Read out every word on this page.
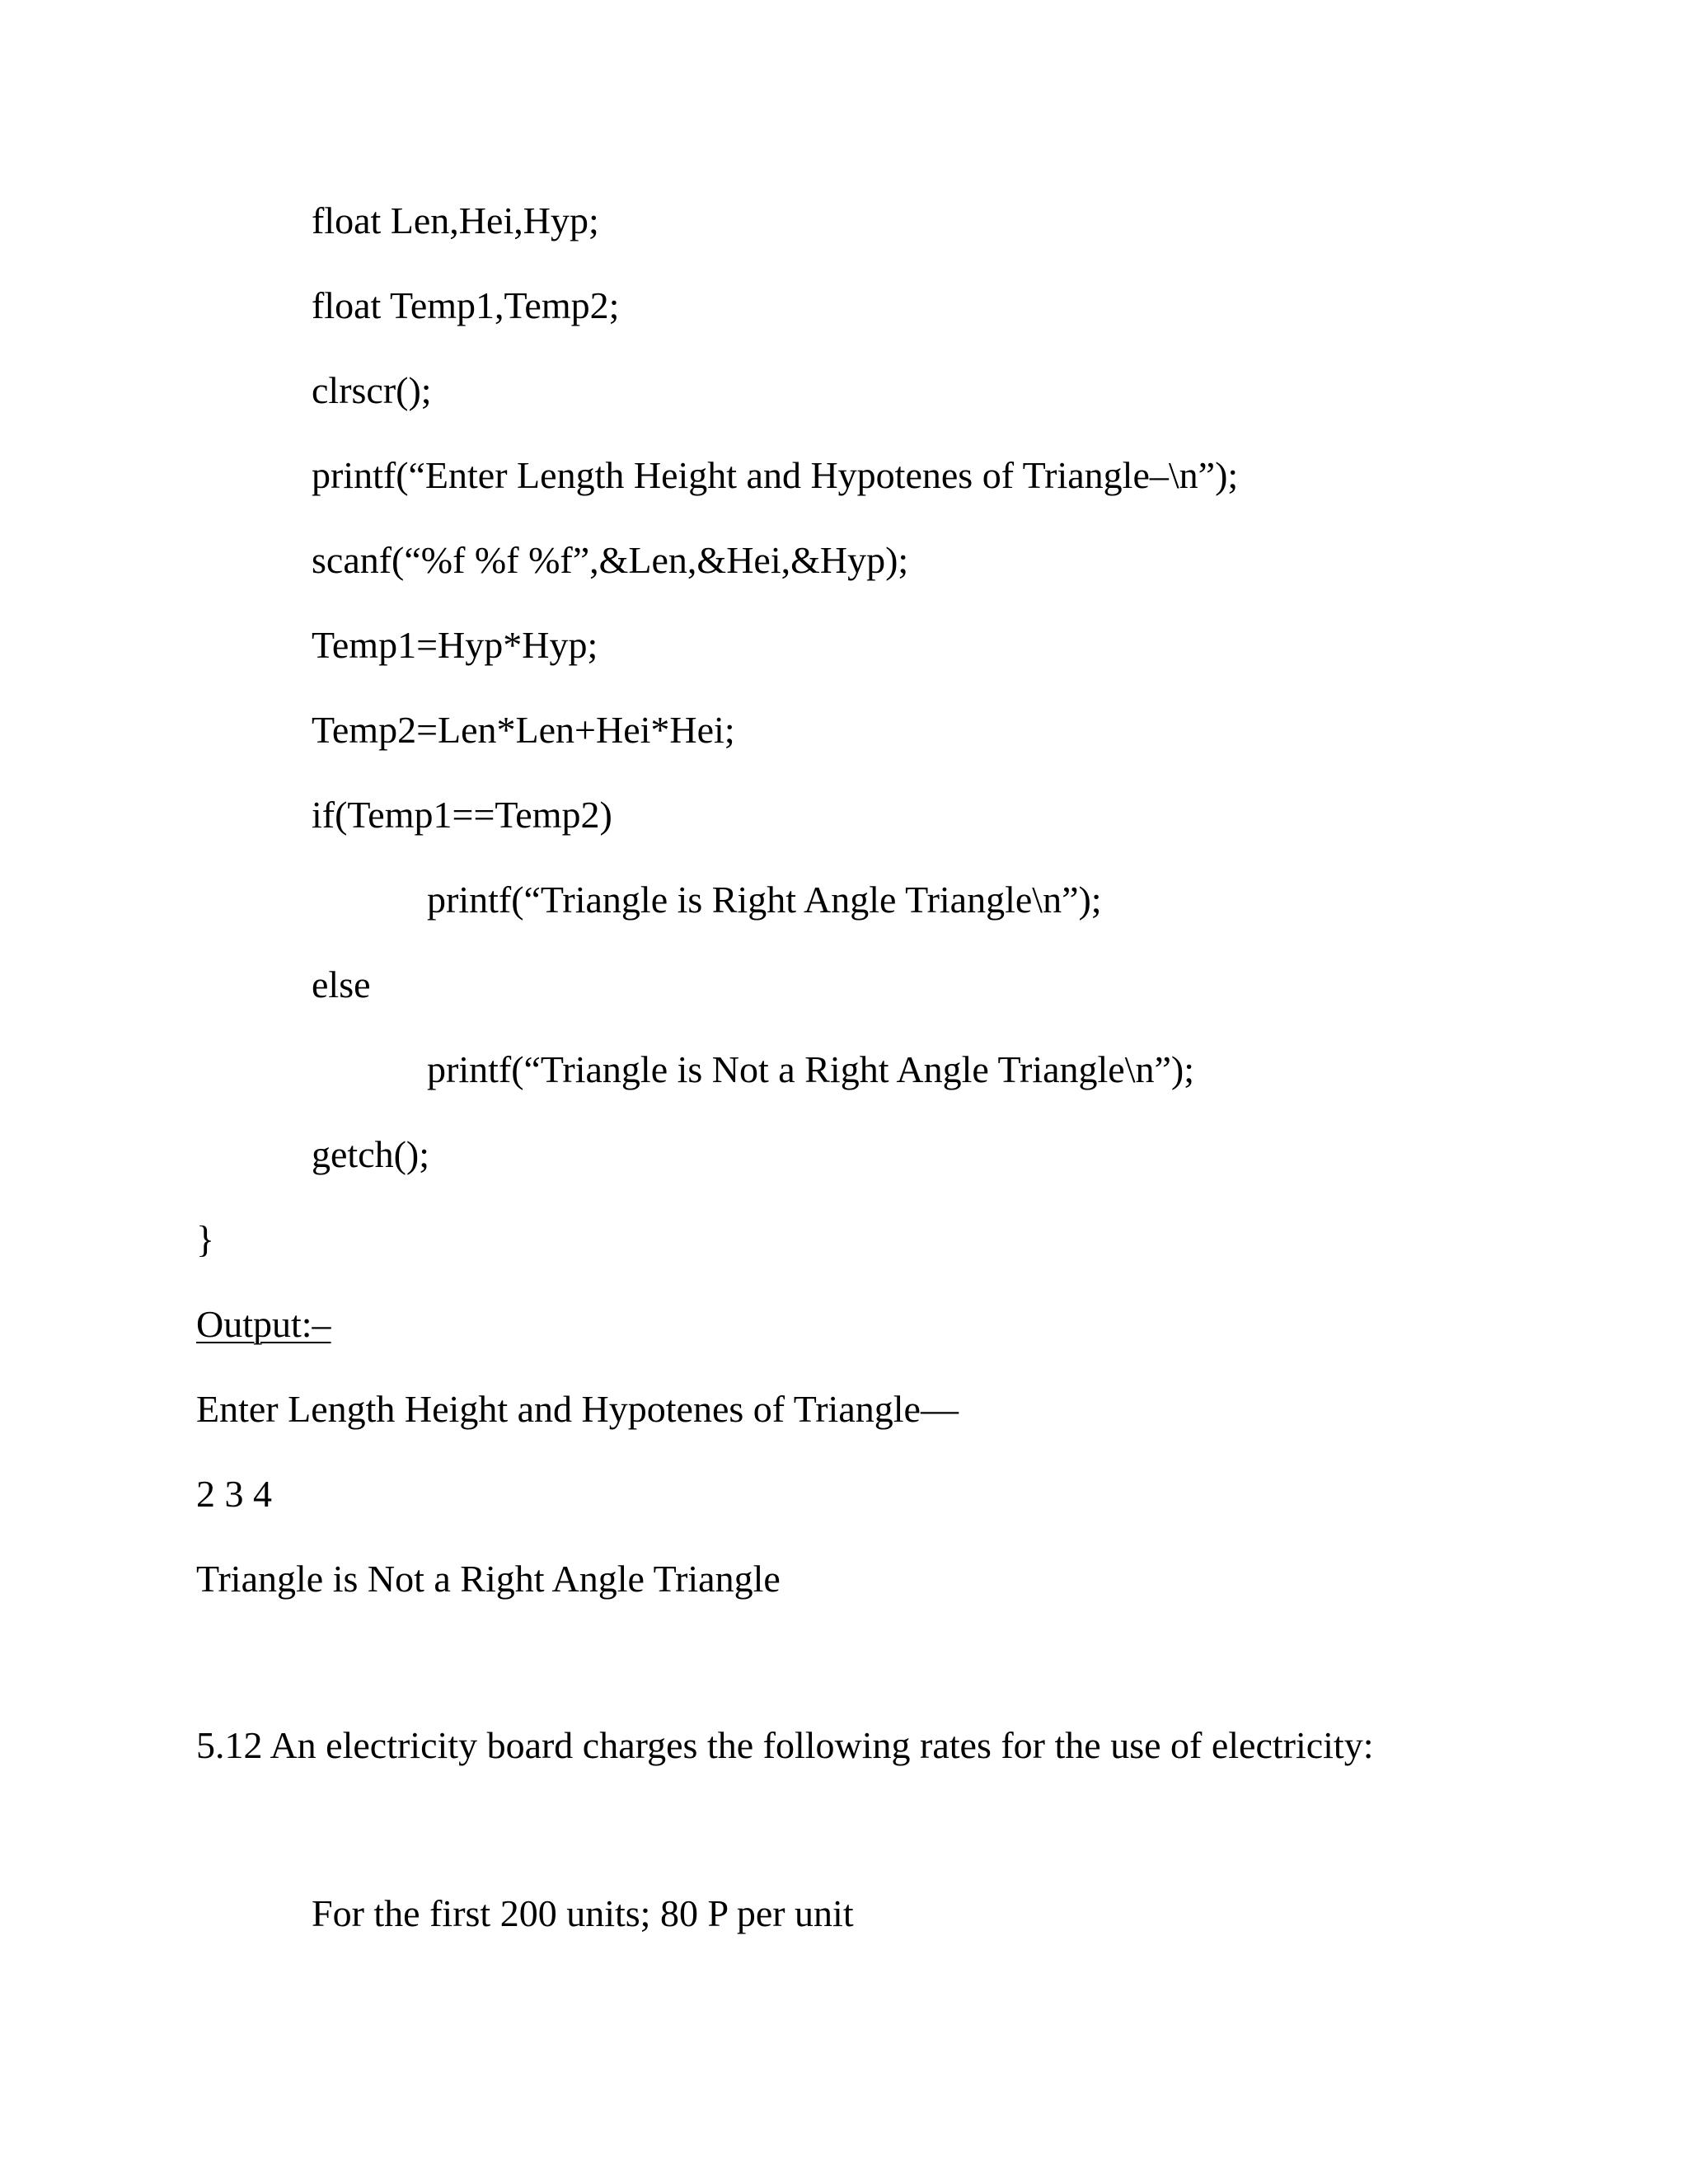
float Len,Hei,Hyp;

float Temp1,Temp2;

clrscr();

printf(“Enter Length Height and Hypotenes of Triangle–\n”);

scanf(“%f %f %f”,&Len,&Hei,&Hyp);

Temp1=Hyp*Hyp;

Temp2=Len*Len+Hei*Hei;

if(Temp1==Temp2)

printf(“Triangle is Right Angle Triangle\n”);

else

printf(“Triangle is Not a Right Angle Triangle\n”);

getch();

}

Output:–

Enter Length Height and Hypotenes of Triangle—

2 3 4

Triangle is Not a Right Angle Triangle

5.12 An electricity board charges the following rates for the use of electricity:

For the first 200 units; 80 P per unit
